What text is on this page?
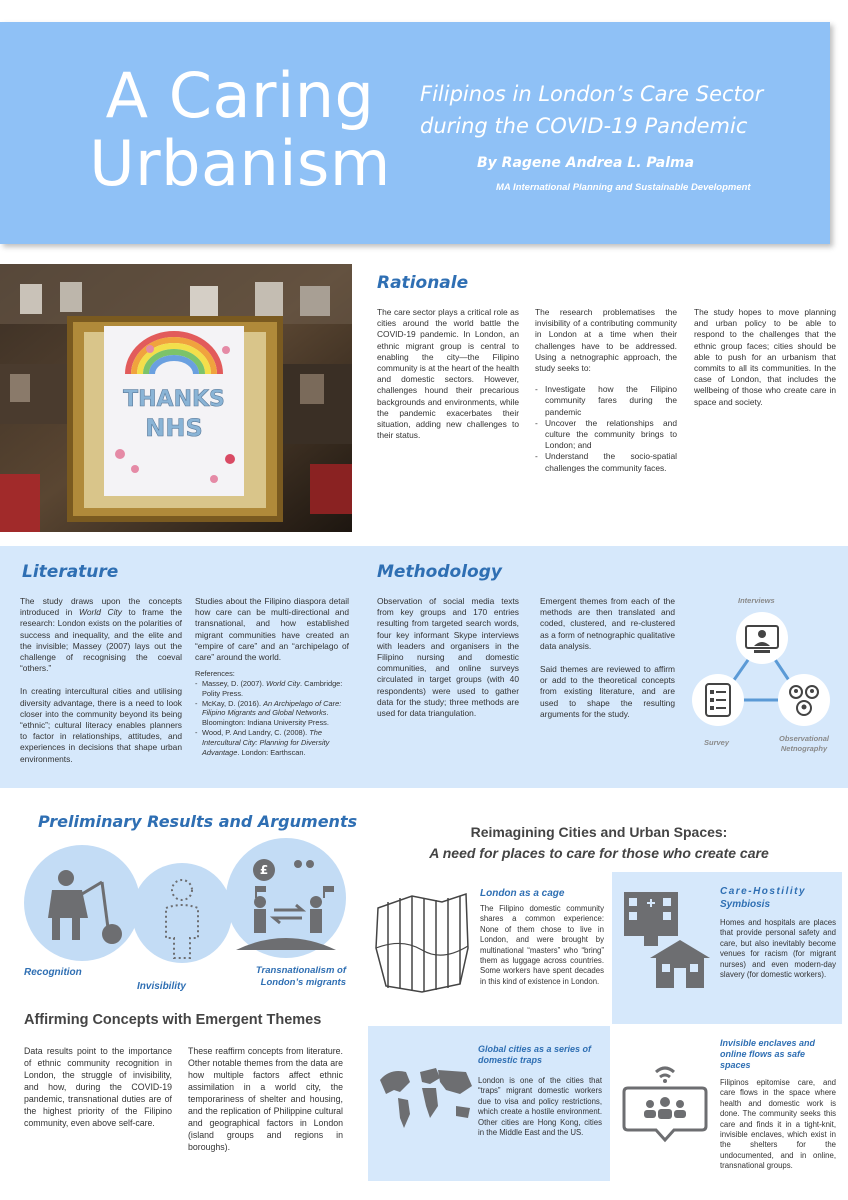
A Caring
Urbanism
Filipinos in London’s Care Sector
during the COVID-19 Pandemic
By Ragene Andrea L. Palma
MA International Planning and Sustainable Development
THANKS
NHS
Rationale
The care sector plays a critical role as cities around the world battle the COVID-19 pandemic. In London, an ethnic migrant group is central to enabling the city—the Filipino community is at the heart of the health and domestic sectors. However, challenges hound their precarious backgrounds and environments, while the pandemic exacerbates their situation, adding new challenges to their status.
The research problematises the invisibility of a contributing community in London at a time when their challenges have to be addressed. Using a netnographic approach, the study seeks to:
- Investigate how the Filipino community fares during the pandemic
- Uncover the relationships and culture the community brings to London; and
- Understand the socio-spatial challenges the community faces.
The study hopes to move planning and urban policy to be able to respond to the challenges that the ethnic group faces; cities should be able to push for an urbanism that commits to all its communities. In the case of London, that includes the wellbeing of those who create care in space and society.
Literature

The study draws upon the concepts introduced in World City to frame the research: London exists on the polarities of success and inequality, and the elite and the invisible; Massey (2007) lays out the challenge of recognising the coeval “others.”

In creating intercultural cities and utilising diversity advantage, there is a need to look closer into the community beyond its being “ethnic”; cultural literacy enables planners to factor in relationships, attitudes, and experiences in decisions that shape urban environments.

Studies about the Filipino diaspora detail how care can be multi-directional and transnational, and how established migrant communities have created an “empire of care” and an “archipelago of care” around the world.

References:
- Massey, D. (2007). World City. Cambridge: Polity Press.
- McKay, D. (2016). An Archipelago of Care: Filipino Migrants and Global Networks. Bloomington: Indiana University Press.
- Wood, P. And Landry, C. (2008). The Intercultural City: Planning for Diversity Advantage. London: Earthscan.
Methodology
Observation of social media texts from key groups and 170 entries resulting from targeted search words, four key informant Skype interviews with leaders and organisers in the Filipino nursing and domestic communities, and online surveys circulated in target groups (with 40 respondents) were used to gather data for the study; three methods are used for data triangulation.

Emergent themes from each of the methods are then translated and coded, clustered, and re-clustered as a form of netnographic qualitative data analysis.

Said themes are reviewed to affirm or add to the theoretical concepts from existing literature, and are used to shape the resulting arguments for the study.

Interviews
Survey	Observational
Netnography
Preliminary Results and Arguments
£
Recognition
Invisibility
Transnationalism of
London’s migrants
Affirming Concepts with Emergent Themes
Data results point to the importance of ethnic community recognition in London, the struggle of invisibility, and how, during the COVID-19 pandemic, transnational duties are of the highest priority of the Filipino community, even above self-care.
These reaffirm concepts from literature. Other notable themes from the data are how multiple factors affect ethnic assimilation in a world city, the temporariness of shelter and housing, and the replication of Philippine cultural and geographical factors in London (island groups and regions in boroughs).
Reimagining Cities and Urban Spaces:
A need for places to care for those who create care
London as a cage
The Filipino domestic community shares a common experience: None of them chose to live in London, and were brought by multinational “masters” who “bring” them as luggage across countries. Some workers have spent decades in this kind of existence in London.
Care-Hostility
Symbiosis
Homes and hospitals are places that provide personal safety and care, but also inevitably become venues for racism (for migrant nurses) and even modern-day slavery (for domestic workers).
Global cities as a series of domestic traps
London is one of the cities that “traps” migrant domestic workers due to visa and policy restrictions, which create a hostile environment. Other cities are Hong Kong, cities in the Middle East and the US.
Invisible enclaves and online flows as safe spaces
Filipinos epitomise care, and care flows in the space where health and domestic work is done. The community seeks this care and finds it in a tight-knit, invisible enclaves, which exist in the shelters for the undocumented, and in online, transnational groups.
